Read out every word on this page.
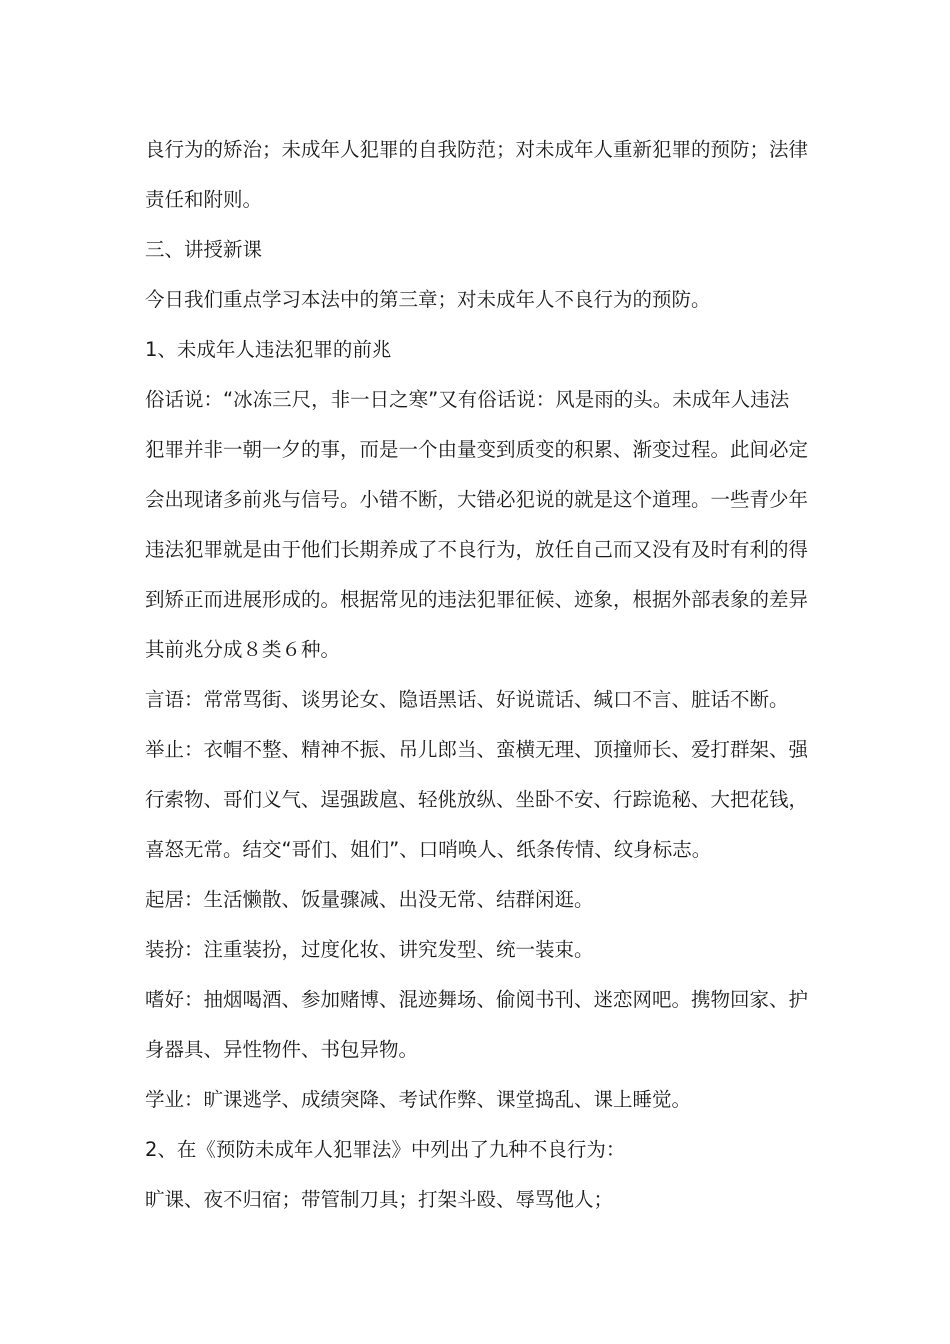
良行为的矫治；未成年人犯罪的自我防范；对未成年人重新犯罪的预防；法律

责任和附则。

三、讲授新课

今日我们重点学习本法中的第三章；对未成年人不良行为的预防。

1、未成年人违法犯罪的前兆

俗话说：“冰冻三尺，非一日之寒”又有俗话说：风是雨的头。未成年人违法

犯罪并非一朝一夕的事，而是一个由量变到质变的积累、渐变过程。此间必定

会出现诸多前兆与信号。小错不断，大错必犯说的就是这个道理。一些青少年

违法犯罪就是由于他们长期养成了不良行为，放任自己而又没有及时有利的得

到矫正而进展形成的。根据常见的违法犯罪征候、迹象，根据外部表象的差异

其前兆分成８类６种。

言语：常常骂街、谈男论女、隐语黑话、好说谎话、缄口不言、脏话不断。

举止：衣帽不整、精神不振、吊儿郎当、蛮横无理、顶撞师长、爱打群架、强

行索物、哥们义气、逞强跋扈、轻佻放纵、坐卧不安、行踪诡秘、大把花钱，

喜怒无常。结交“哥们、姐们”、口哨唤人、纸条传情、纹身标志。

起居：生活懒散、饭量骤减、出没无常、结群闲逛。

装扮：注重装扮，过度化妆、讲究发型、统一装束。

嗜好：抽烟喝酒、参加赌博、混迹舞场、偷阅书刊、迷恋网吧。携物回家、护

身器具、异性物件、书包异物。

学业：旷课逃学、成绩突降、考试作弊、课堂捣乱、课上睡觉。

2、在《预防未成年人犯罪法》中列出了九种不良行为：

旷课、夜不归宿；带管制刀具；打架斗殴、辱骂他人；
